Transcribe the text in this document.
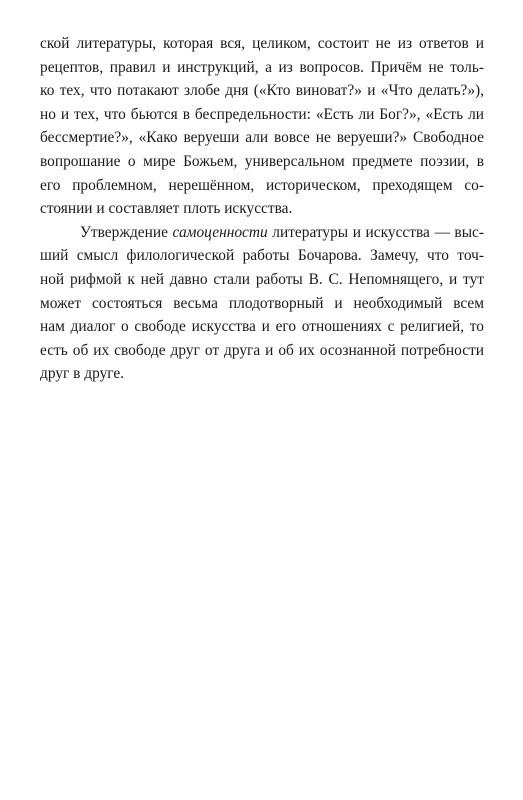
ской литературы, которая вся, целиком, состоит не из ответов и
рецептов, правил и инструкций, а из вопросов. Причём не толь-
ко тех, что потакают злобе дня («Кто виноват?» и «Что делать?»),
но и тех, что бьются в беспредельности: «Есть ли Бог?», «Есть ли
бессмертие?», «Како веруеши али вовсе не веруеши?» Свободное
вопрошание о мире Божьем, универсальном предмете поэзии, в
его проблемном, нерешённом, историческом, преходящем со-
стоянии и составляет плоть искусства.
Утверждение самоценности литературы и искусства — выс-
ший смысл филологической работы Бочарова. Замечу, что точ-
ной рифмой к ней давно стали работы В. С. Непомнящего, и тут
может состояться весьма плодотворный и необходимый всем
нам диалог о свободе искусства и его отношениях с религией, то
есть об их свободе друг от друга и об их осознанной потребности
друг в друге.
